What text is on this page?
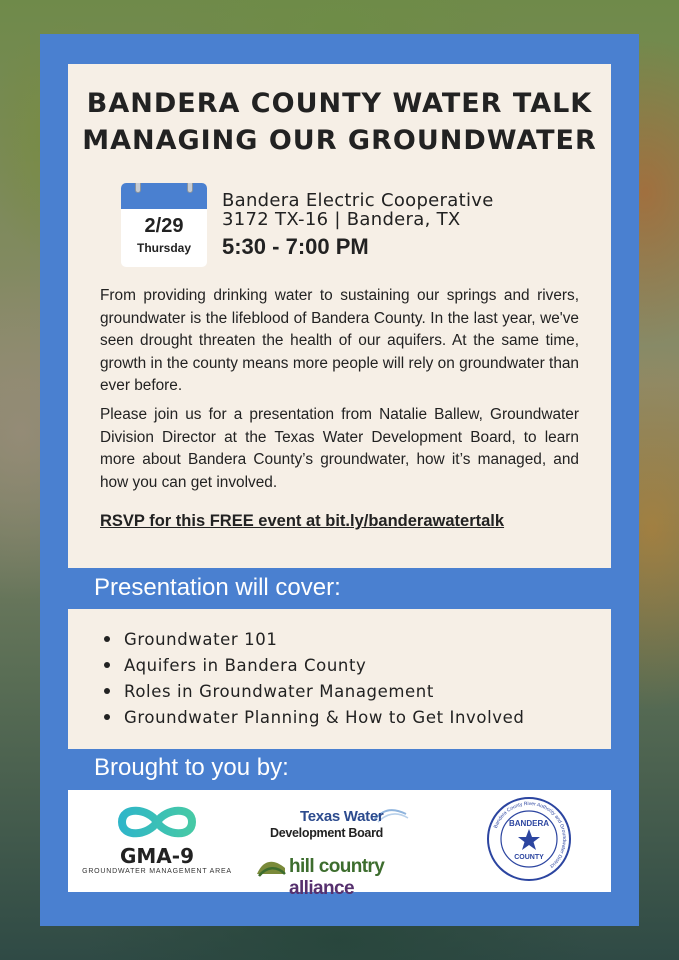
BANDERA COUNTY WATER TALK
MANAGING OUR GROUNDWATER
2/29
Thursday
Bandera Electric Cooperative
3172 TX-16 | Bandera, TX
5:30 - 7:00 PM

From providing drinking water to sustaining our springs and rivers, groundwater is the lifeblood of Bandera County. In the last year, we've seen drought threaten the health of our aquifers. At the same time, growth in the county means more people will rely on groundwater than ever before.

Please join us for a presentation from Natalie Ballew, Groundwater Division Director at the Texas Water Development Board, to learn more about Bandera County’s groundwater, how it’s managed, and how you can get involved.

RSVP for this FREE event at bit.ly/banderawatertalk
Presentation will cover:
Groundwater 101
Aquifers in Bandera County
Roles in Groundwater Management
Groundwater Planning & How to Get Involved
Brought to you by:
GMA-9
GROUNDWATER MANAGEMENT AREA
Texas Water
Development Board
hill country alliance
Bandera County River Authority and Groundwater District
BANDERA
COUNTY
